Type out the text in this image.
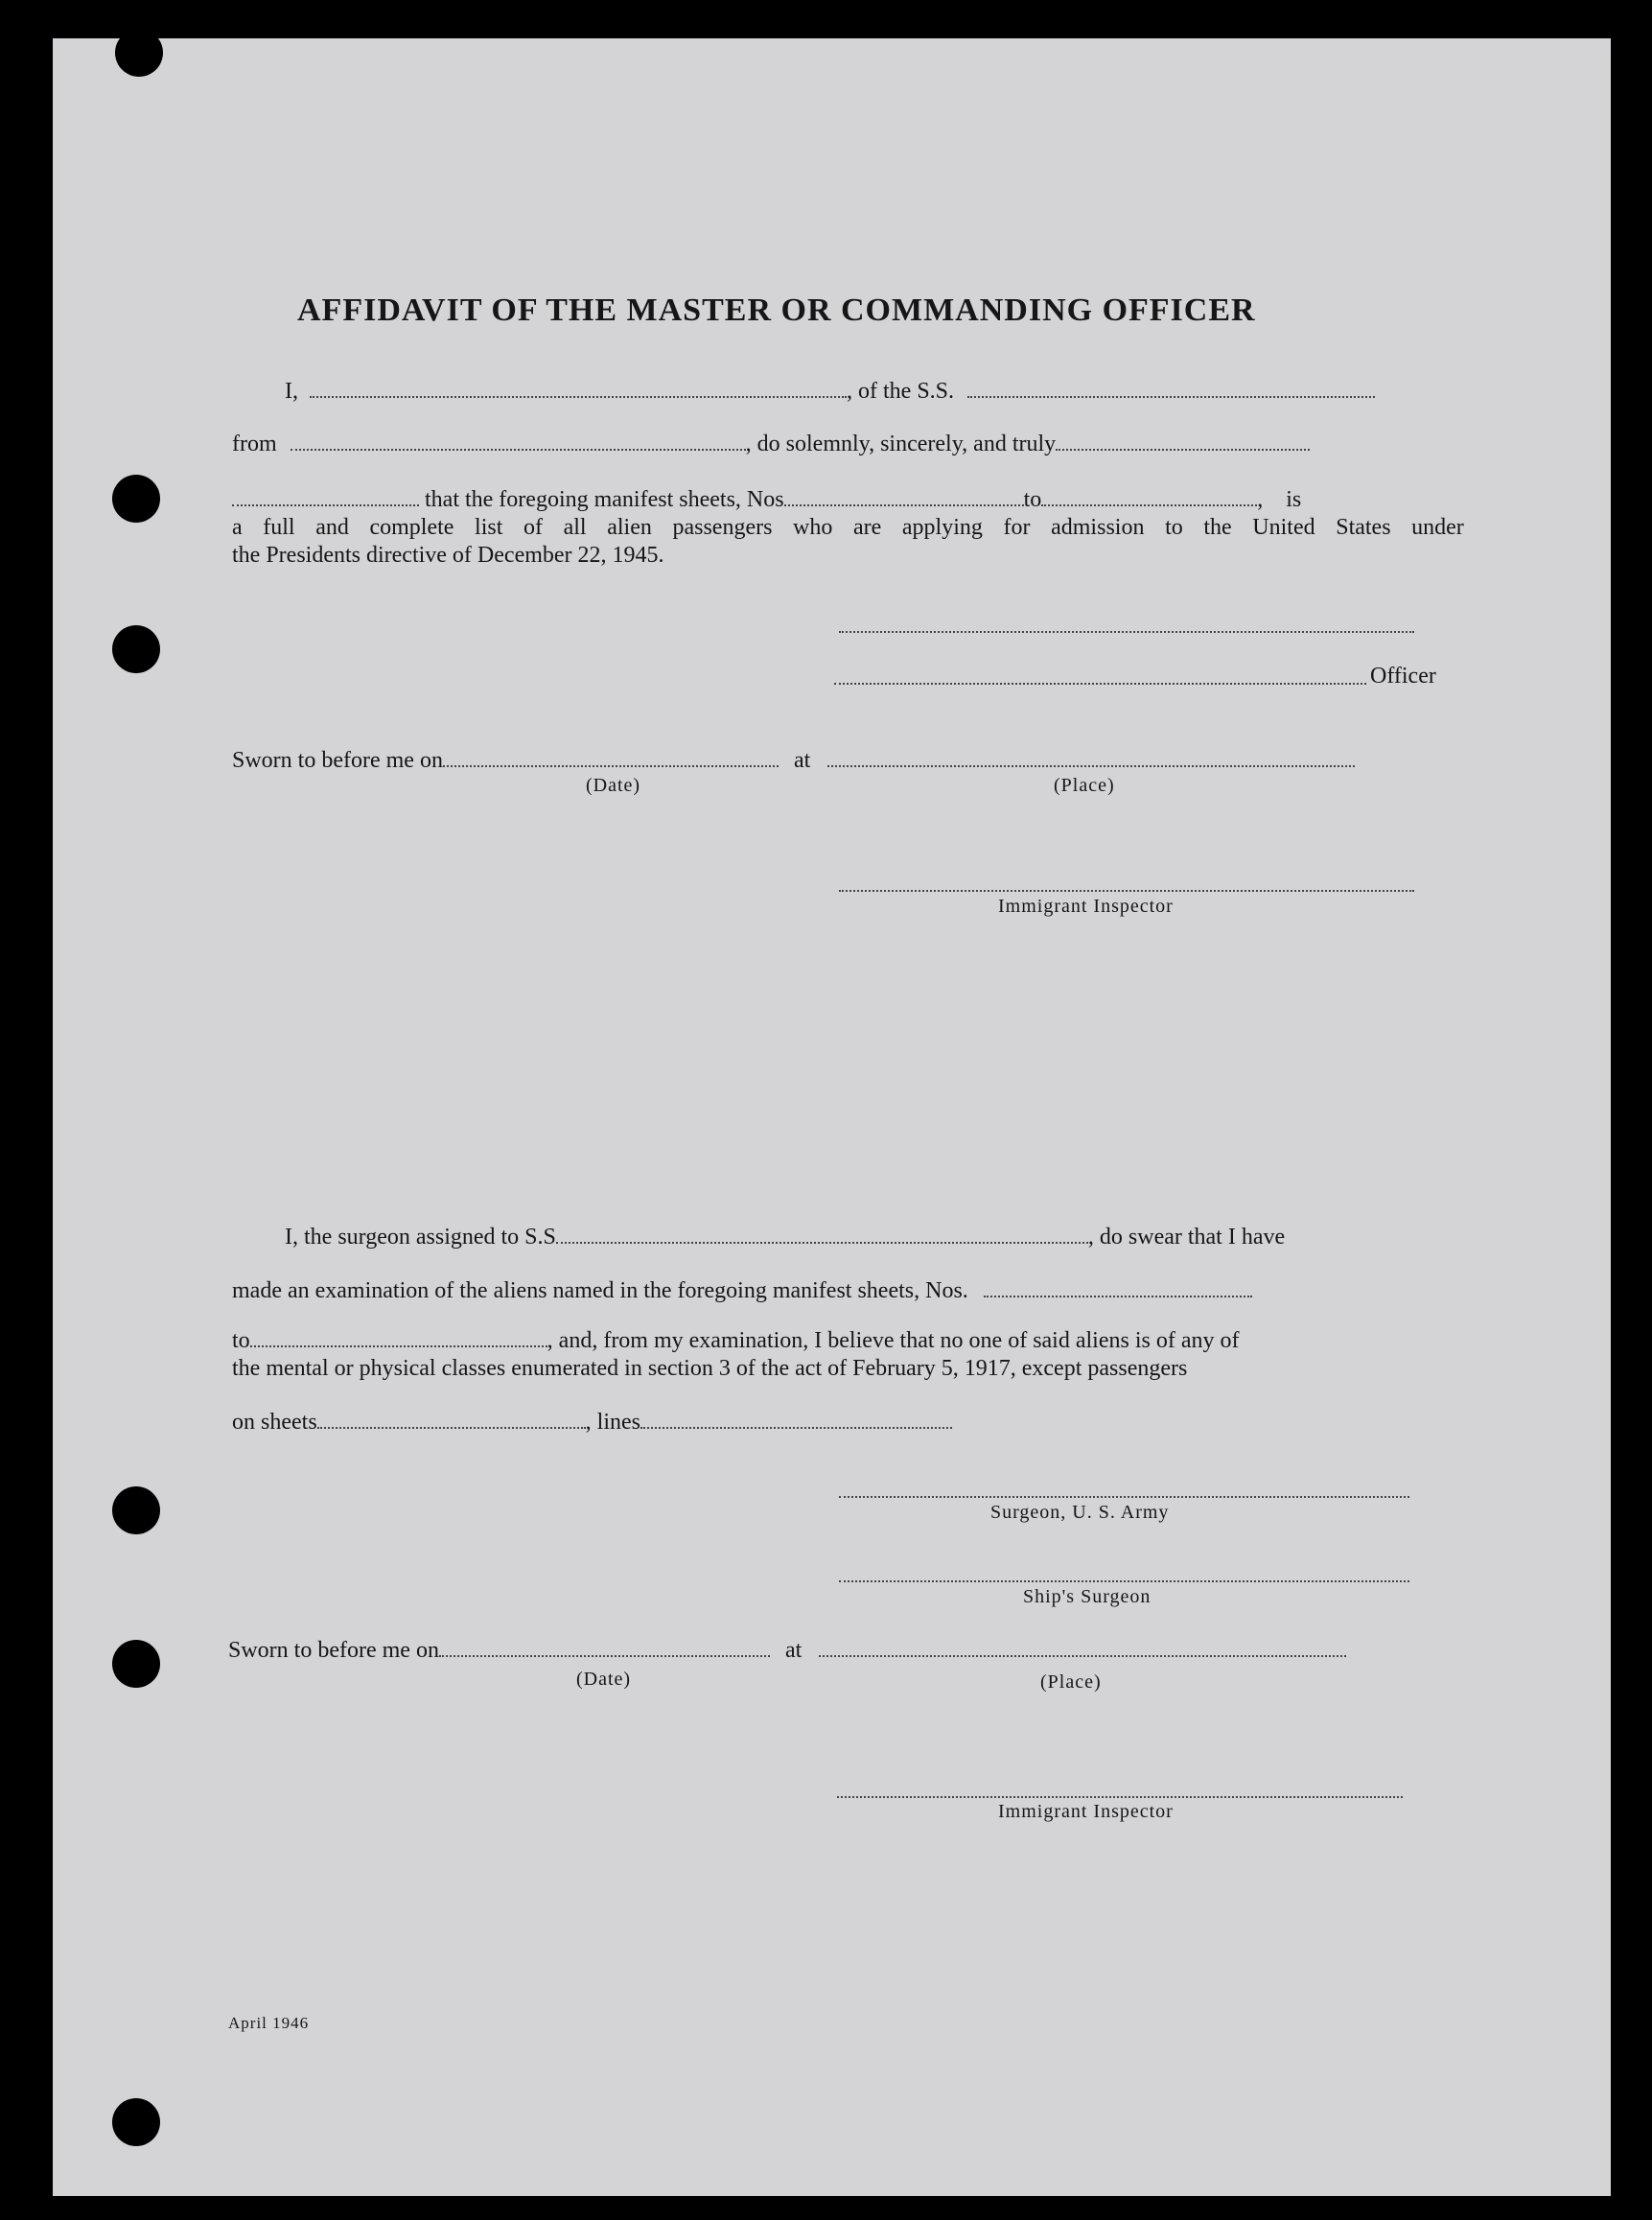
AFFIDAVIT OF THE MASTER OR COMMANDING OFFICER
I,	, of the S.S.
from	, do solemnly, sincerely, and truly
that the foregoing manifest sheets, Nos	to	, is
a full and complete list of all alien passengers who are applying for admission to the United States under
the Presidents directive of December 22, 1945.
Officer
Sworn to before me on	at
(Date)	(Place)
Immigrant Inspector
I, the surgeon assigned to S.S	, do swear that I have
made an examination of the aliens named in the foregoing manifest sheets, Nos.
to	, and, from my examination, I believe that no one of said aliens is of any of
the mental or physical classes enumerated in section 3 of the act of February 5, 1917, except passengers
on sheets	, lines
Surgeon, U. S. Army
Ship's Surgeon
Sworn to before me on	at
(Date)	(Place)
Immigrant Inspector
April 1946
